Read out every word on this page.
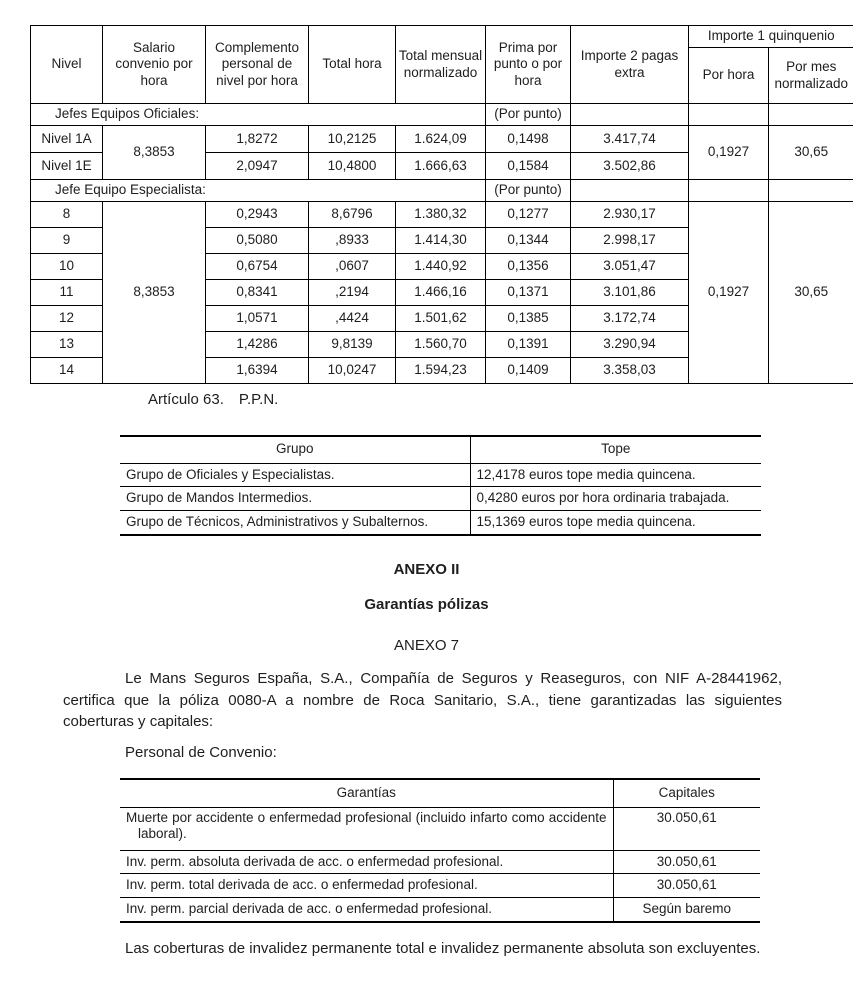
Nivel	Salario convenio por hora	Complemento personal de nivel por hora	Total hora	Total mensual normalizado	Prima por punto o por hora	Importe 2 pagas extra	Importe 1 quinquenio	
							Por hora	Por mes normalizado
Jefes Equipos Oficiales:					(Por punto)			
Nivel 1A	8,3853	1,8272	10,2125	1.624,09	0,1498	3.417,74	0,1927	30,65
Nivel 1E		2,0947	10,4800	1.666,63	0,1584	3.502,86		
Jefe Equipo Especialista:					(Por punto)			
8	8,3853	0,2943	8,6796	1.380,32	0,1277	2.930,17	0,1927	30,65
9		0,5080	,8933	1.414,30	0,1344	2.998,17		
10		0,6754	,0607	1.440,92	0,1356	3.051,47		
11		0,8341	,2194	1.466,16	0,1371	3.101,86		
12		1,0571	,4424	1.501,62	0,1385	3.172,74		
13		1,4286	9,8139	1.560,70	0,1391	3.290,94		
14		1,6394	10,0247	1.594,23	0,1409	3.358,03		
Artículo 63. P.P.N.
Grupo	Tope
Grupo de Oficiales y Especialistas.	12,4178 euros tope media quincena.
Grupo de Mandos Intermedios.	0,4280 euros por hora ordinaria trabajada.
Grupo de Técnicos, Administrativos y Subalternos.	15,1369 euros tope media quincena.
ANEXO II
Garantías pólizas
ANEXO 7
Le Mans Seguros España, S.A., Compañía de Seguros y Reaseguros, con NIF A-28441962, certifica que la póliza 0080-A a nombre de Roca Sanitario, S.A., tiene garantizadas las siguientes coberturas y capitales:
Personal de Convenio:
Garantías	Capitales
Muerte por accidente o enfermedad profesional (incluido infarto como accidente laboral).	30.050,61
Inv. perm. absoluta derivada de acc. o enfermedad profesional.	30.050,61
Inv. perm. total derivada de acc. o enfermedad profesional.	30.050,61
Inv. perm. parcial derivada de acc. o enfermedad profesional.	Según baremo
Las coberturas de invalidez permanente total e invalidez permanente absoluta son excluyentes.
